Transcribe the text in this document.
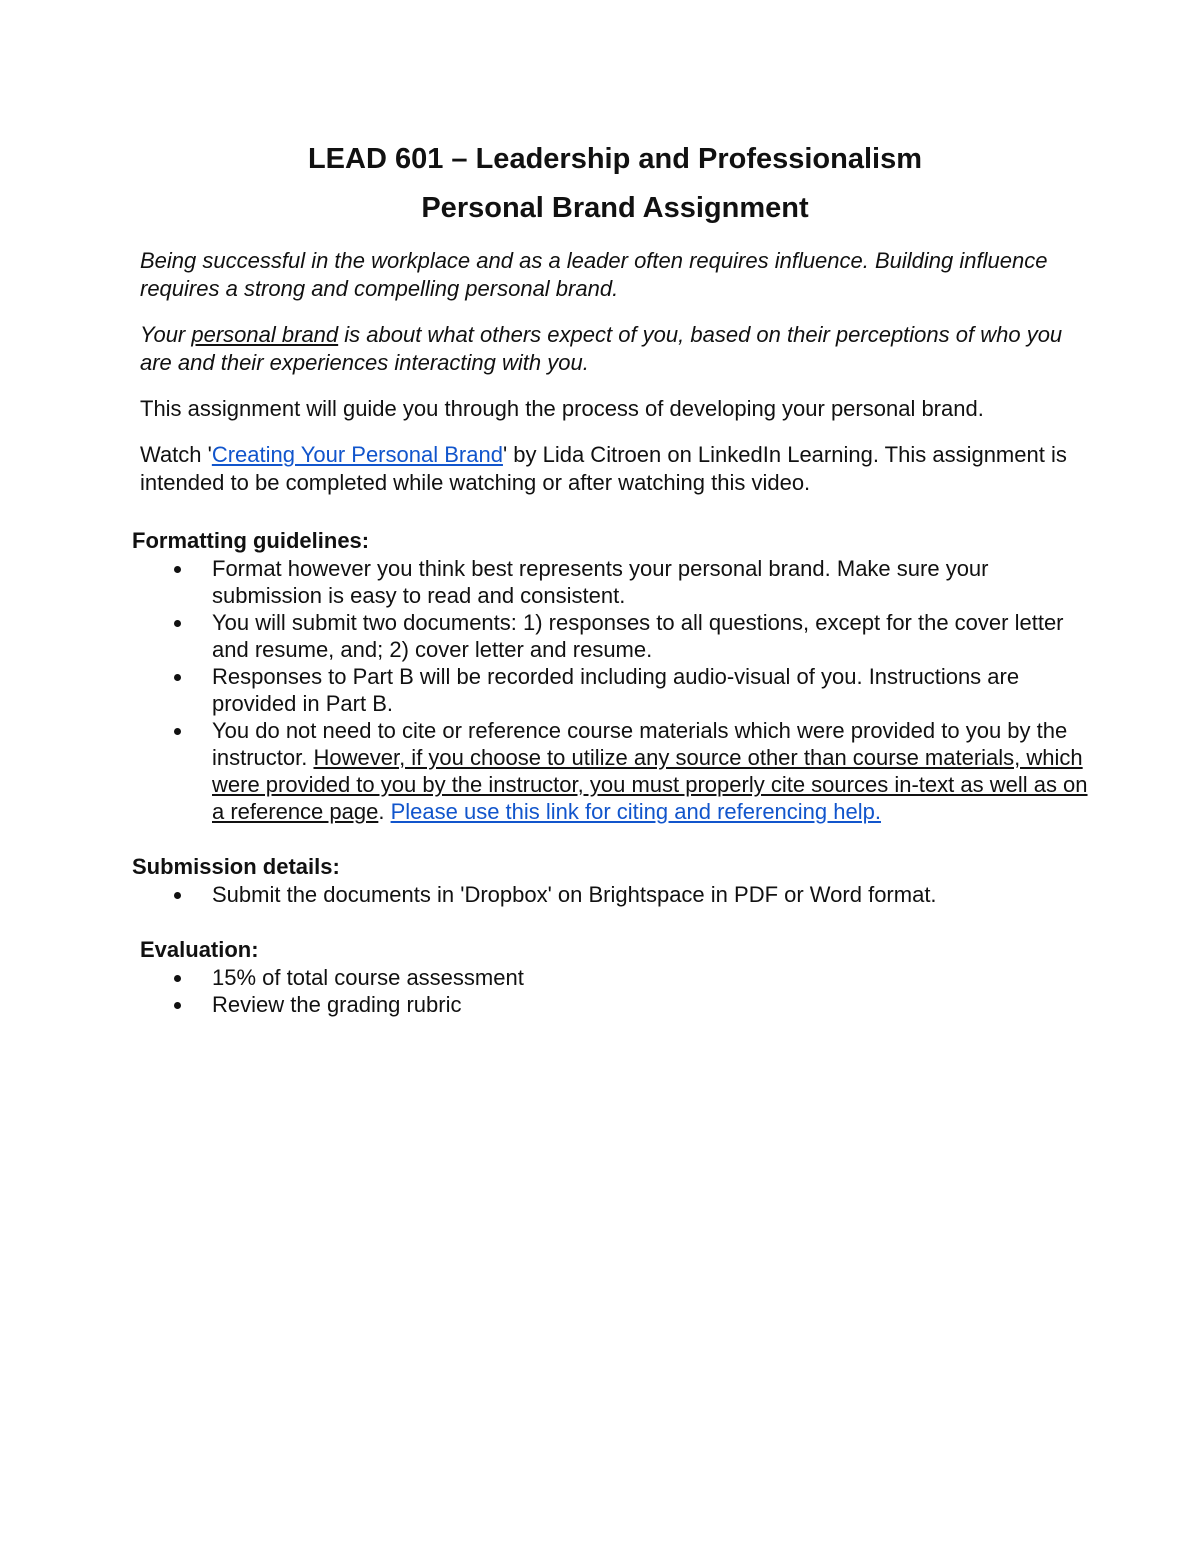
LEAD 601 – Leadership and Professionalism
Personal Brand Assignment

Being successful in the workplace and as a leader often requires influence. Building influence requires a strong and compelling personal brand.

Your personal brand is about what others expect of you, based on their perceptions of who you are and their experiences interacting with you.

This assignment will guide you through the process of developing your personal brand.

Watch 'Creating Your Personal Brand' by Lida Citroen on LinkedIn Learning. This assignment is intended to be completed while watching or after watching this video.

Formatting guidelines:

Format however you think best represents your personal brand. Make sure your submission is easy to read and consistent.
You will submit two documents: 1) responses to all questions, except for the cover letter and resume, and; 2) cover letter and resume.
Responses to Part B will be recorded including audio-visual of you. Instructions are provided in Part B.
You do not need to cite or reference course materials which were provided to you by the instructor. However, if you choose to utilize any source other than course materials, which were provided to you by the instructor, you must properly cite sources in-text as well as on a reference page. Please use this link for citing and referencing help.

Submission details:

Submit the documents in 'Dropbox' on Brightspace in PDF or Word format.

Evaluation:

15% of total course assessment
Review the grading rubric
